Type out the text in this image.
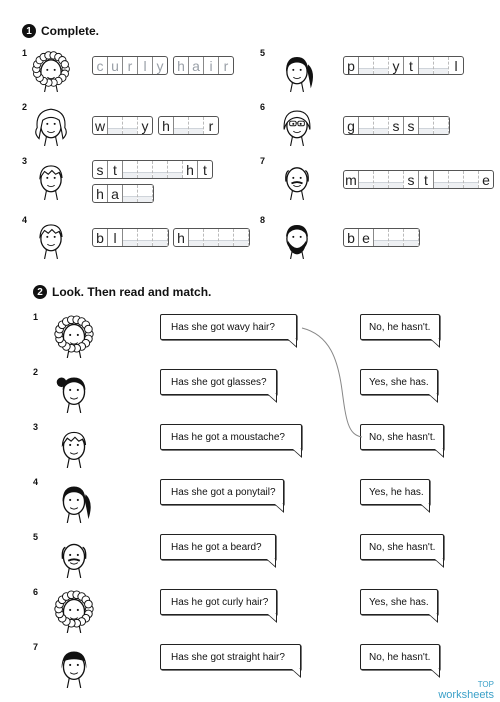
1 Complete.
1
c u r l y h a i r
2
w	y h	r
3
s t	h t
h a
4
b l	h
5
p	y t	l
6
g	s s
7
m	s t	e
8
b e
2 Look. Then read and match.
1
Has she got wavy hair?	No, he hasn't.
2
Has she got glasses?	Yes, she has.
3
Has he got a moustache?	No, she hasn't.
4
Has she got a ponytail?	Yes, he has.
5
Has he got a beard?	No, she hasn't.
6
Has he got curly hair?	Yes, she has.
7
Has she got straight hair?	No, he hasn't.
TOP
worksheets
